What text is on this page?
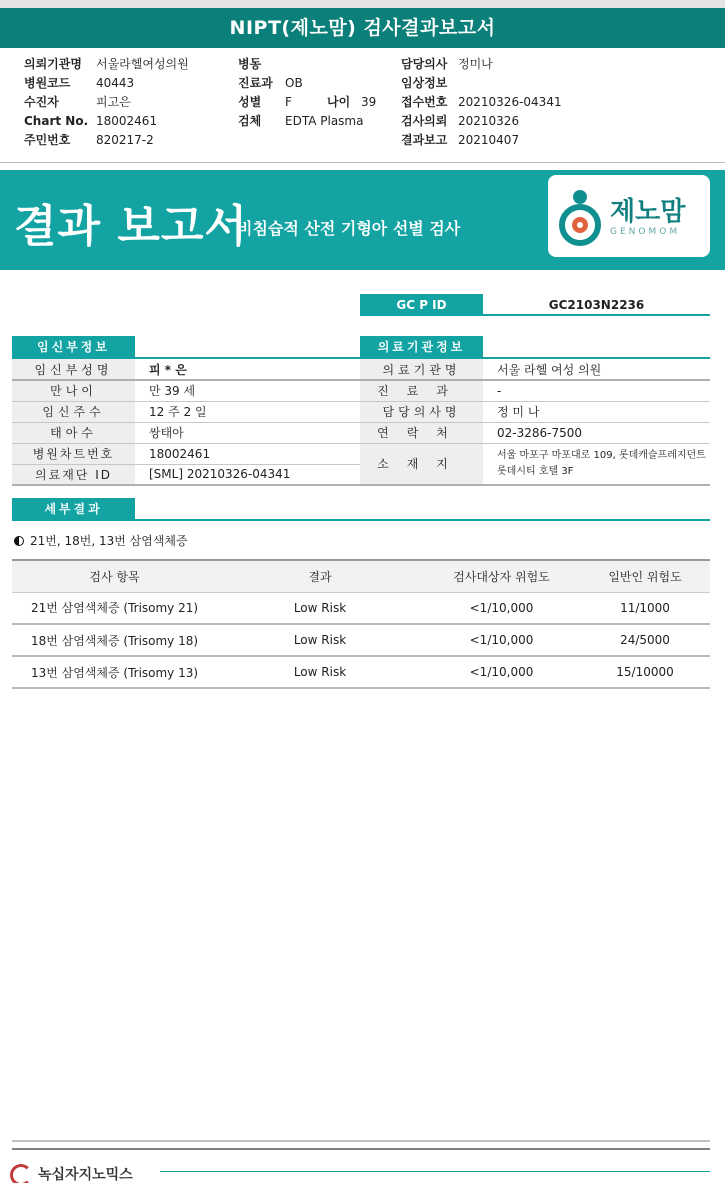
NIPT(제노맘) 검사결과보고서
의뢰기관명 서울라헬여성의원
병원코드 40443
수진자	피고은
Chart No. 18002461
주민번호 820217-2
병동
진료과 OB
성별 F	나이 39
검체 EDTA Plasma
담당의사 정미나
임상정보
접수번호 20210326-04341
검사의뢰 20210326
결과보고 20210407
결과 보고서
비침습적 산전 기형아 선별 검사
제노맘
GENOMOM
GC P ID	GC2103N2236
임신부정보
임신부성명	피 * 은
만나이	만 39 세
임신주수	12 주 2 일
태아수	쌍태아
병원차트번호	18002461
의료재단 ID	[SML] 20210326-04341
의료기관정보
의료기관명	서울 라헬 여성 의원
진료과	-
담당의사명	정 미 나
연락처	02-3286-7500
소재지	서울 마포구 마포대로 109, 롯데캐슬프레지던트 롯데시티 호텔 3F
세부결과
21번, 18번, 13번 삼염색체증
검사 항목	결과	검사대상자 위험도	일반인 위험도
21번 삼염색체증 (Trisomy 21)	Low Risk	<1/10,000	11/1000
18번 삼염색체증 (Trisomy 18)	Low Risk	<1/10,000	24/5000
13번 삼염색체증 (Trisomy 13)	Low Risk	<1/10,000	15/10000
녹십자지노믹스
